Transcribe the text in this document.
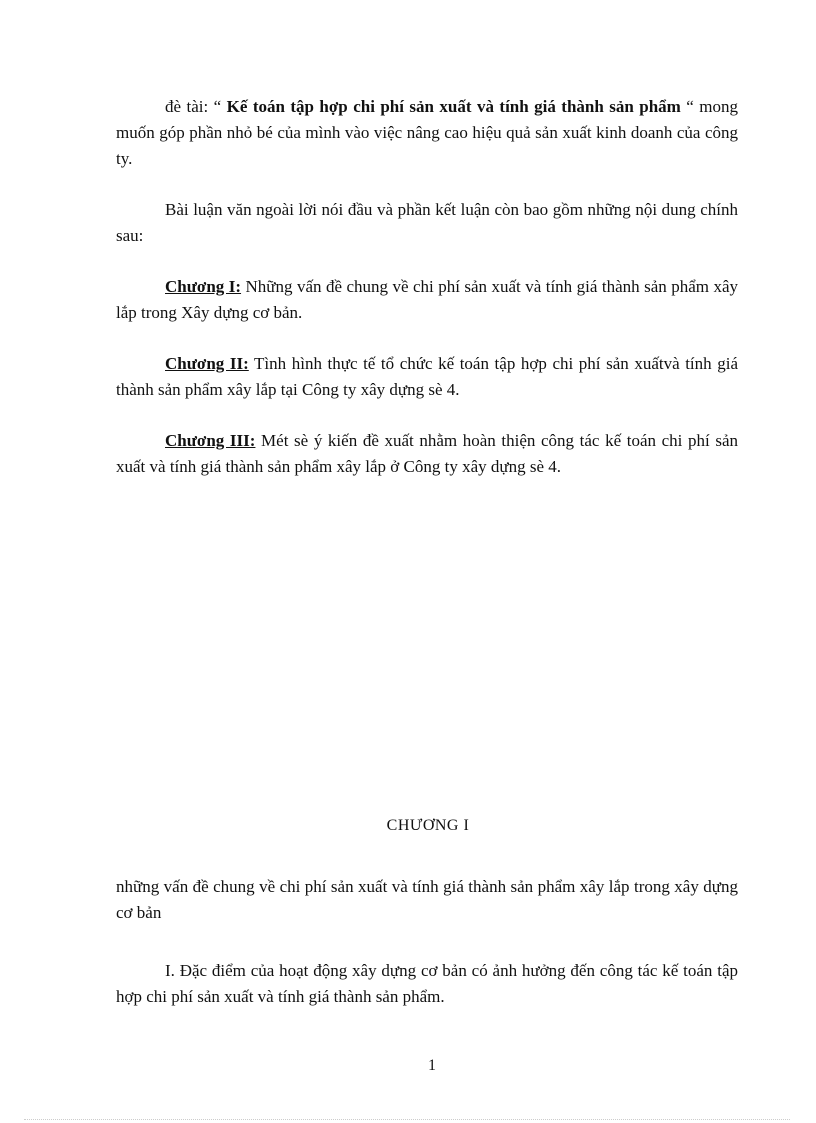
đè tài: “ Kế toán tập hợp chi phí sản xuất và tính giá thành sản phẩm “ mong muốn góp phần nhỏ bé của mình vào việc nâng cao hiệu quả sản xuất kinh doanh của công ty.

Bài luận văn ngoài lời nói đầu và phần kết luận còn bao gồm những nội dung chính sau:

Chương I: Những vấn đề chung về chi phí sản xuất và tính giá thành sản phẩm xây lắp trong Xây dựng cơ bản.

Chương II: Tình hình thực tế tổ chức kế toán tập hợp chi phí sản xuấtvà tính giá thành sản phẩm xây lắp tại Công ty xây dựng sè 4.

Chương III: Mét sè ý kiến đề xuất nhằm hoàn thiện công tác kế toán chi phí sản xuất và tính giá thành sản phẩm xây lắp ở Công ty xây dựng sè 4.

CHƯƠNG I

những vấn đề chung về chi phí sản xuất và tính giá thành sản phẩm xây lắp trong xây dựng cơ bản

I. Đặc điểm của hoạt động xây dựng cơ bản có ảnh hưởng đến công tác kế toán tập hợp chi phí sản xuất và tính giá thành sản phẩm.

1
